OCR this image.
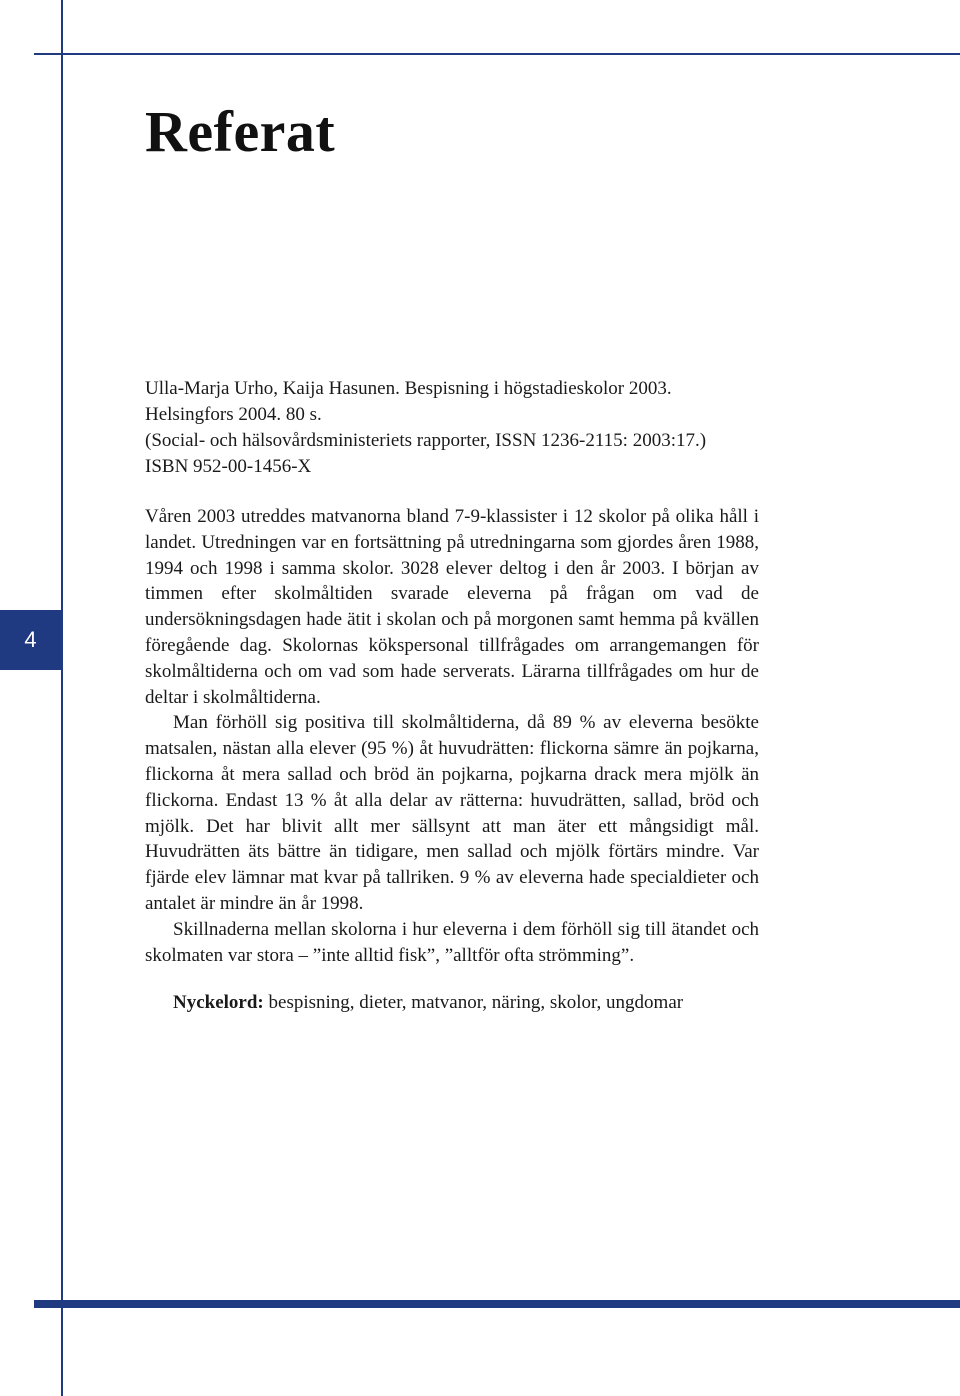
4
Referat
Ulla-Marja Urho, Kaija Hasunen. Bespisning i högstadieskolor 2003.
Helsingfors 2004. 80 s.
(Social- och hälsovårdsministeriets rapporter, ISSN 1236-2115: 2003:17.)
ISBN 952-00-1456-X

Våren 2003 utreddes matvanorna bland 7-9-klassister i 12 skolor på olika håll i landet. Utredningen var en fortsättning på utredningarna som gjordes åren 1988, 1994 och 1998 i samma skolor. 3028 elever deltog i den år 2003. I början av timmen efter skolmåltiden svarade eleverna på frågan om vad de undersökningsdagen hade ätit i skolan och på morgonen samt hemma på kvällen föregående dag. Skolornas kökspersonal tillfrågades om arrangemangen för skolmåltiderna och om vad som hade serverats. Lärarna tillfrågades om hur de deltar i skolmåltiderna.

Man förhöll sig positiva till skolmåltiderna, då 89 % av eleverna besökte matsalen, nästan alla elever (95 %) åt huvudrätten: flickorna sämre än pojkarna, flickorna åt mera sallad och bröd än pojkarna, pojkarna drack mera mjölk än flickorna. Endast 13 % åt alla delar av rätterna: huvudrätten, sallad, bröd och mjölk. Det har blivit allt mer sällsynt att man äter ett mångsidigt mål. Huvudrätten äts bättre än tidigare, men sallad och mjölk förtärs mindre. Var fjärde elev lämnar mat kvar på tallriken. 9 % av eleverna hade specialdieter och antalet är mindre än år 1998.

Skillnaderna mellan skolorna i hur eleverna i dem förhöll sig till ätandet och skolmaten var stora – ”inte alltid fisk”, ”alltför ofta strömming”.

Nyckelord: bespisning, dieter, matvanor, näring, skolor, ungdomar
